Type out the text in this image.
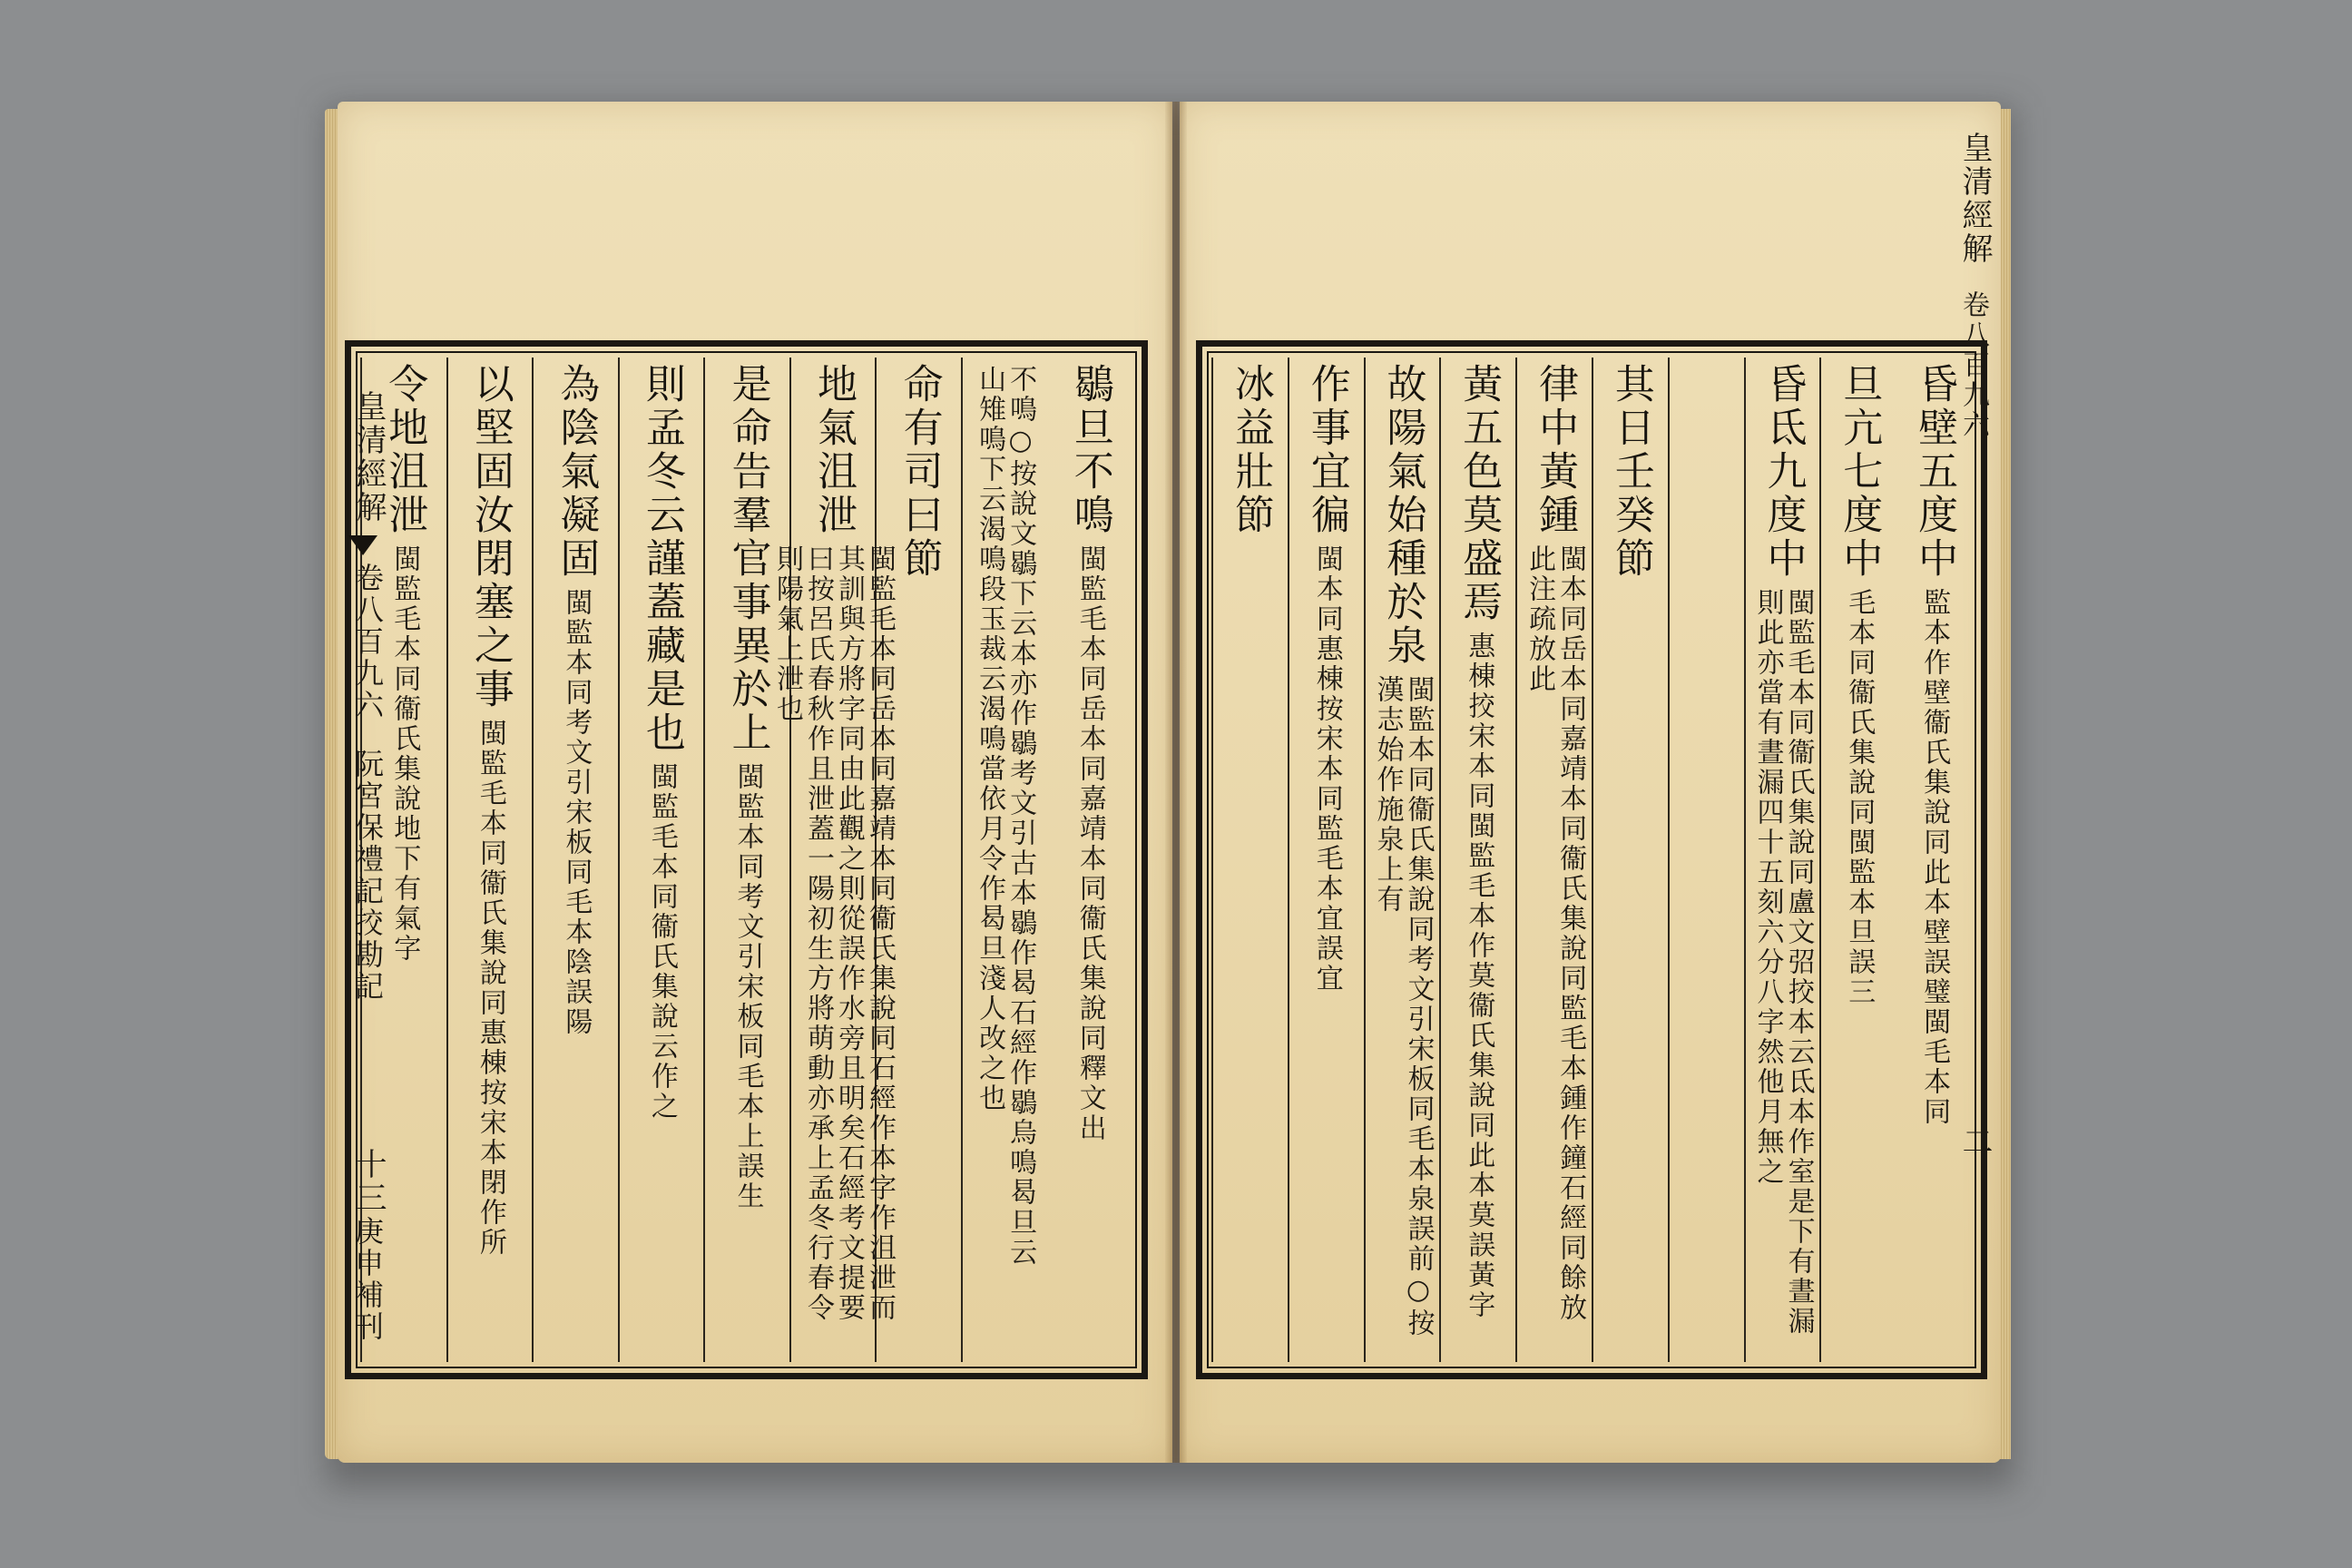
鶡旦不鳴
閩監毛本同岳本同嘉靖本同衞氏集說同釋文出
不鳴○按說文鶡下云本亦作鶡考文引古本鶡作曷石經作鶡烏鳴曷旦云山雉鳴下云渴鳴段玉裁云渴鳴當依月令作曷旦淺人改之也
命有司曰節
地氣沮泄
閩監毛本同岳本同嘉靖本同衞氏集說同石經作本字作沮泄而其訓與方將字同由此觀之則從誤作水旁且明矣石經考文提要曰按呂氏春秋作且泄蓋一陽初生方將萌動亦承上孟冬行春令則陽氣上泄也
是命告羣官事異於上
閩監本同考文引宋板同毛本上誤生
則孟冬云謹蓋藏是也
閩監毛本同衞氏集說云作之
為陰氣凝固
閩監本同考文引宋板同毛本陰誤陽
以堅固汝閉塞之事
閩監毛本同衞氏集說同惠棟按宋本閉作所
令地沮泄
閩監毛本同衞氏集說地下有氣字
皇清經解
卷八百九六
阮宮保禮記挍勘記
十三
庚申補刊
昏壁五度中
監本作壁衞氏集說同此本壁誤璧閩毛本同
旦亢七度中
毛本同衞氏集說同閩監本旦誤三
昏氐九度中
閩監毛本同衞氏集說同盧文弨挍本云氐本作室是下有晝漏則此亦當有晝漏四十五刻六分八字然他月無之
其日壬癸節
律中黃鍾
閩本同岳本同嘉靖本同衞氏集說同監毛本鍾作鐘石經同餘放此注疏放此
黃五色莫盛焉
惠棟挍宋本同閩監毛本作莫衞氏集說同此本莫誤黃字
故陽氣始種於泉
閩監本同衞氏集說同考文引宋板同毛本泉誤前○按漢志始作施泉上有
作事宜徧
閩本同惠棟按宋本同監毛本宜誤宜
冰益壯節
皇清經解
卷八百九六
二
